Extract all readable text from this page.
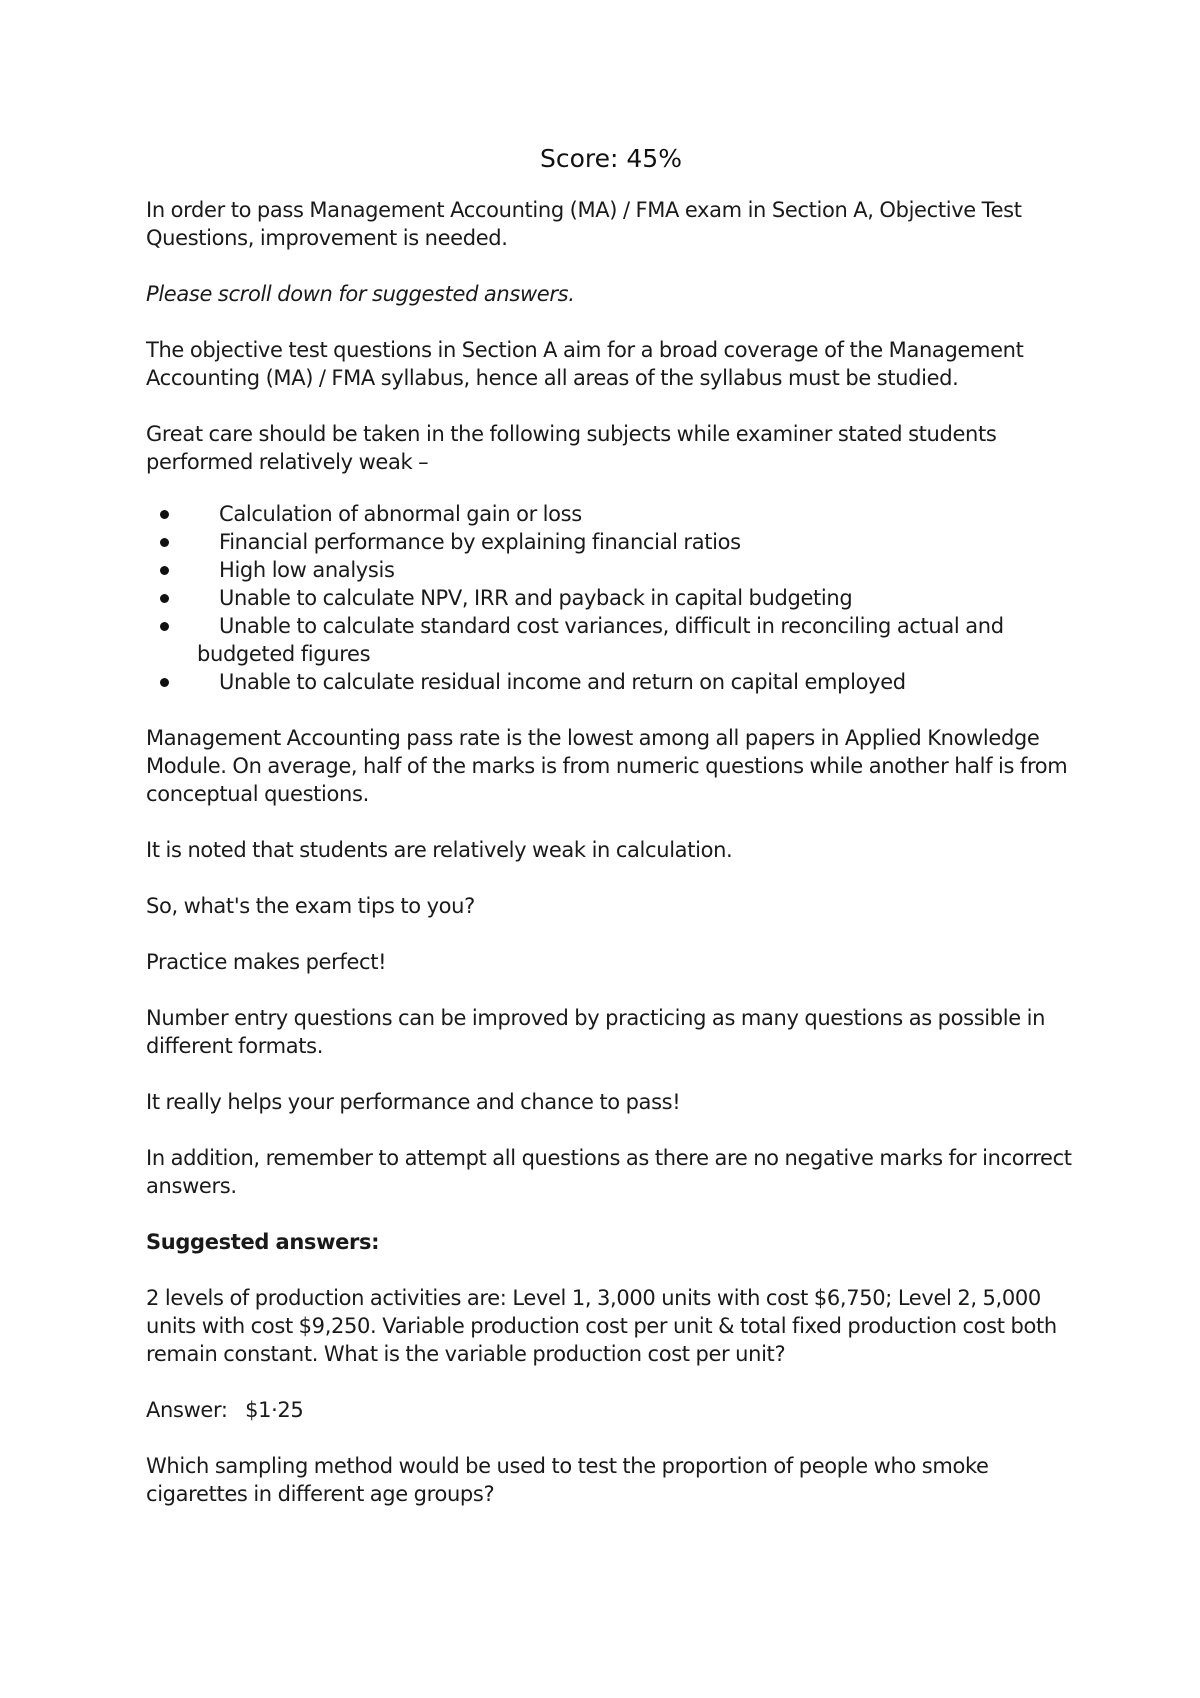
Score: 45%

In order to pass Management Accounting (MA) / FMA exam in Section A, Objective Test Questions, improvement is needed.

Please scroll down for suggested answers.

The objective test questions in Section A aim for a broad coverage of the Management Accounting (MA) / FMA syllabus, hence all areas of the syllabus must be studied.

Great care should be taken in the following subjects while examiner stated students performed relatively weak –

Calculation of abnormal gain or loss
Financial performance by explaining financial ratios
High low analysis
Unable to calculate NPV, IRR and payback in capital budgeting
Unable to calculate standard cost variances, difficult in reconciling actual and
budgeted figures
Unable to calculate residual income and return on capital employed

Management Accounting pass rate is the lowest among all papers in Applied Knowledge Module. On average, half of the marks is from numeric questions while another half is from conceptual questions.

It is noted that students are relatively weak in calculation.

So, what's the exam tips to you?

Practice makes perfect!

Number entry questions can be improved by practicing as many questions as possible in different formats.

It really helps your performance and chance to pass!

In addition, remember to attempt all questions as there are no negative marks for incorrect answers.

Suggested answers:

2 levels of production activities are: Level 1, 3,000 units with cost $6,750; Level 2, 5,000 units with cost $9,250. Variable production cost per unit & total fixed production cost both remain constant. What is the variable production cost per unit?

Answer:   $1·25

Which sampling method would be used to test the proportion of people who smoke cigarettes in different age groups?
